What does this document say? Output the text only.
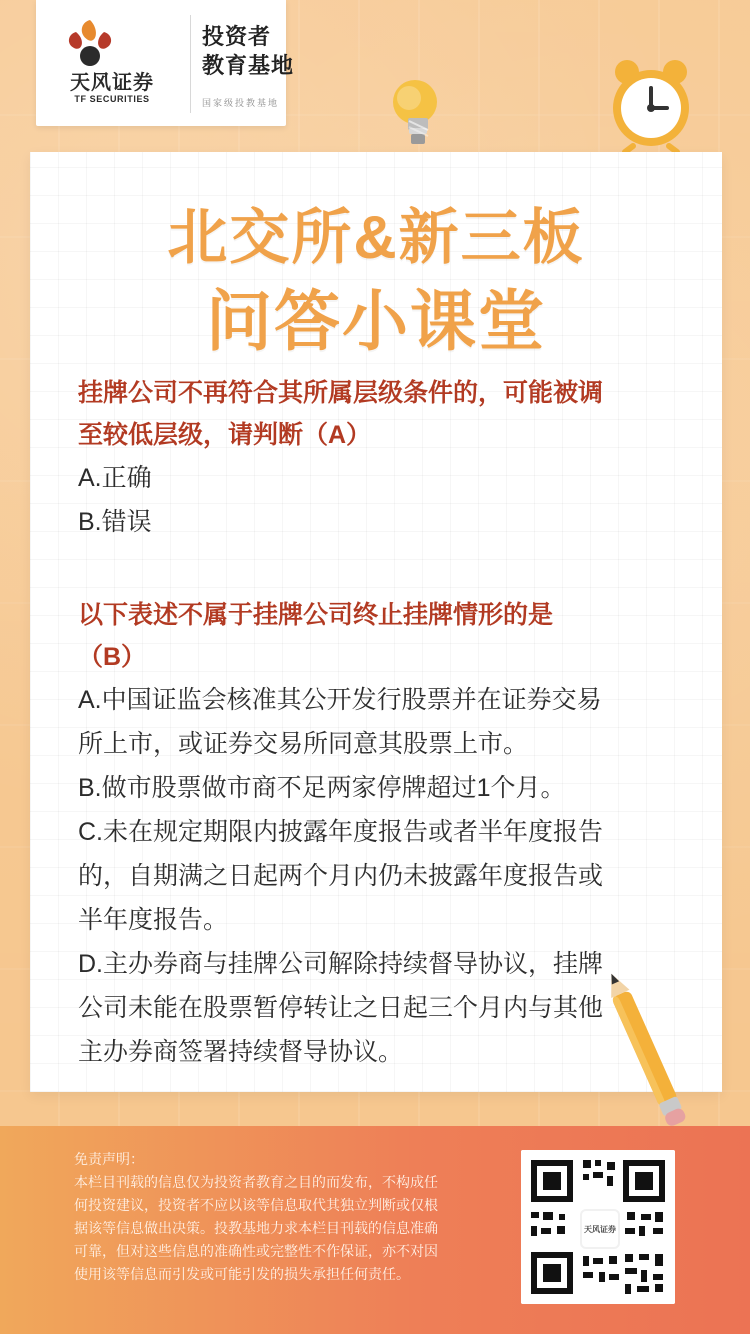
天风证券
TF SECURITIES
投资者
教育基地
国家级投教基地
北交所&新三板
问答小课堂
挂牌公司不再符合其所属层级条件的，可能被调
至较低层级，请判断（A）
A.正确
B.错误
以下表述不属于挂牌公司终止挂牌情形的是
（B）
A.中国证监会核准其公开发行股票并在证券交易
所上市，或证券交易所同意其股票上市。
B.做市股票做市商不足两家停牌超过1个月。
C.未在规定期限内披露年度报告或者半年度报告
的，自期满之日起两个月内仍未披露年度报告或
半年度报告。
D.主办券商与挂牌公司解除持续督导协议，挂牌
公司未能在股票暂停转让之日起三个月内与其他
主办券商签署持续督导协议。
免责声明：
本栏目刊载的信息仅为投资者教育之目的而发布，不构成任
何投资建议，投资者不应以该等信息取代其独立判断或仅根
据该等信息做出决策。投教基地力求本栏目刊载的信息准确
可靠，但对这些信息的准确性或完整性不作保证，亦不对因
使用该等信息而引发或可能引发的损失承担任何责任。
天风证券
